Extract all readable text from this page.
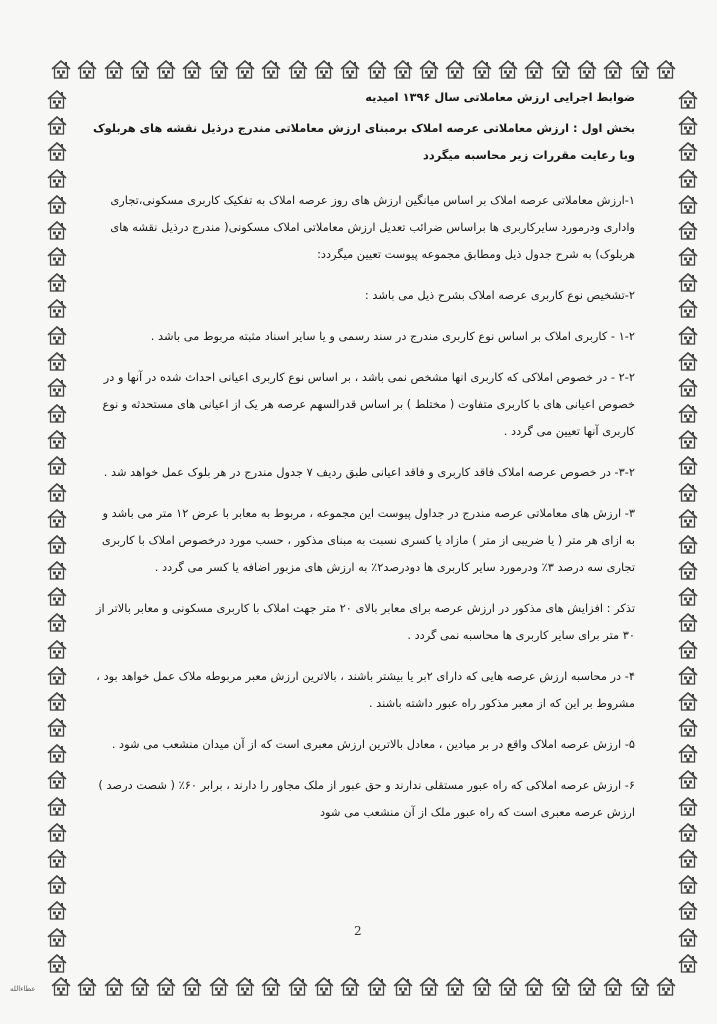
ضوابط اجرایی ارزش معاملاتی سال ۱۳۹۶ امیدیه

بخش اول : ارزش معاملاتی عرصه املاک برمبنای ارزش معاملاتی مندرج درذیل نقشه های هربلوک وبا رعایت مقررات زیر محاسبه میگردد

۱-ارزش معاملاتی عرصه املاک بر اساس میانگین ارزش های روز عرصه املاک به تفکیک کاربری مسکونی،تجاری واداری ودرمورد سایرکاربری ها براساس ضرائب تعدیل ارزش معاملاتی املاک مسکونی( مندرج درذیل نقشه های هربلوک) به شرح جدول ذیل ومطابق مجموعه پیوست تعیین میگردد:

۲-تشخیص نوع کاربری عرصه املاک بشرح ذیل می باشد :

۱-۲ - کاربری املاک بر اساس نوع کاربری مندرج در سند رسمی و یا سایر اسناد مثبته مربوط می باشد .

۲-۲ - در خصوص املاکی که کاربری انها مشخص نمی باشد ، بر اساس نوع کاربری اعیانی احداث شده در آنها و در خصوص اعیانی های با کاربری متفاوت ( مختلط ) بر اساس قدرالسهم عرصه هر یک از اعیانی های مستحدثه و نوع کاربری آنها تعیین می گردد .

۳-۲- در خصوص عرصه املاک فاقد کاربری و فاقد اعیانی طبق ردیف ۷ جدول مندرج در هر بلوک عمل خواهد شد .

۳- ارزش های معاملاتی عرصه مندرج در جداول پیوست این مجموعه ، مربوط به معابر با عرض ۱۲ متر می باشد و به ازای هر متر ( یا ضریبی از متر ) مازاد یا کسری نسبت به مبنای مذکور ، حسب مورد درخصوص املاک با کاربری تجاری سه درصد ۳٪ ودرمورد سایر کاربری ها دودرصد۲٪ به ارزش های مزبور اضافه یا کسر می گردد .

تذکر : افزایش های مذکور در ارزش عرصه برای معابر بالای ۲۰ متر جهت املاک با کاربری مسکونی و معابر بالاتر از ۳۰ متر برای سایر کاربری ها محاسبه نمی گردد .

۴- در محاسبه ارزش عرصه هایی که دارای ۲بر یا بیشتر باشند ، بالاترین ارزش معبر مربوطه ملاک عمل خواهد بود ، مشروط بر این که از معبر مذکور راه عبور داشته باشند .

۵- ارزش عرصه املاک واقع در بر میادین ، معادل بالاترین ارزش معبری است که از آن میدان منشعب می شود .

۶- ارزش عرصه املاکی که راه عبور مستقلی ندارند و حق عبور از ملک مجاور را دارند ، برابر ۶۰٪ ( شصت درصد ) ارزش عرصه معبری است که راه عبور ملک از آن منشعب می شود

2
عطاء‌الله
